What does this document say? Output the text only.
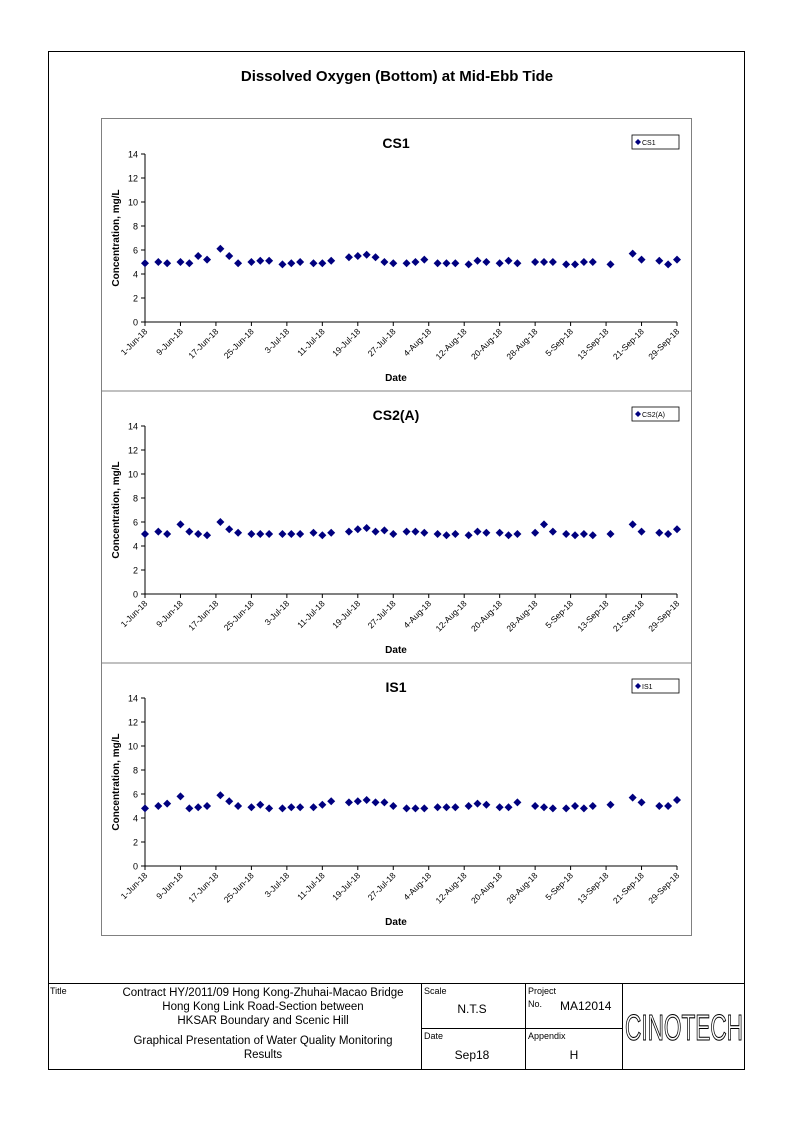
Dissolved Oxygen (Bottom) at Mid-Ebb Tide
CS1
0
2
4
6
8
10
12
14
1-Jun-18 9-Jun-18 17-Jun-18 25-Jun-18 3-Jul-18 11-Jul-18 19-Jul-18 27-Jul-18 4-Aug-18 12-Aug-18 20-Aug-18 28-Aug-18 5-Sep-18 13-Sep-18 21-Sep-18 29-Sep-18
Concentration, mg/L
Date
CS1
CS2(A)
0
2
4
6
8
10
12
14
1-Jun-18 9-Jun-18 17-Jun-18 25-Jun-18 3-Jul-18 11-Jul-18 19-Jul-18 27-Jul-18 4-Aug-18 12-Aug-18 20-Aug-18 28-Aug-18 5-Sep-18 13-Sep-18 21-Sep-18 29-Sep-18
Concentration, mg/L
Date
CS2(A)
IS1
0
2
4
6
8
10
12
14
1-Jun-18 9-Jun-18 17-Jun-18 25-Jun-18 3-Jul-18 11-Jul-18 19-Jul-18 27-Jul-18 4-Aug-18 12-Aug-18 20-Aug-18 28-Aug-18 5-Sep-18 13-Sep-18 21-Sep-18 29-Sep-18
Concentration, mg/L
Date
IS1
Title	Contract HY/2011/09 Hong Kong-Zhuhai-Macao Bridge
Hong Kong Link Road-Section between
HKSAR Boundary and Scenic Hill
Graphical Presentation of Water Quality Monitoring
Results
Scale
N.T.S
Date
Sep18
Project
No. MA12014
Appendix
H
CINOTECH
